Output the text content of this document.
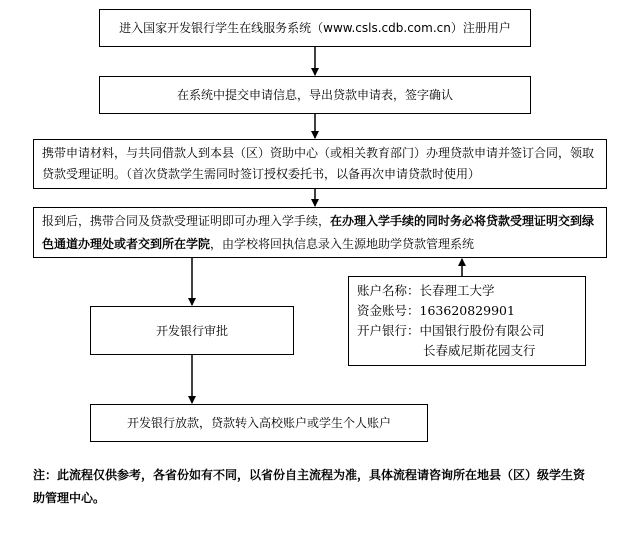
进入国家开发银行学生在线服务系统（www.csls.cdb.com.cn）注册用户
在系统中提交申请信息，导出贷款申请表，签字确认
携带申请材料，与共同借款人到本县（区）资助中心（或相关教育部门）办理贷款申请并签订合同，领取贷款受理证明。（首次贷款学生需同时签订授权委托书，以备再次申请贷款时使用）
报到后，携带合同及贷款受理证明即可办理入学手续，在办理入学手续的同时务必将贷款受理证明交到绿色通道办理处或者交到所在学院，由学校将回执信息录入生源地助学贷款管理系统
账户名称：长春理工大学
资金账号：163620829901
开户银行：中国银行股份有限公司
长春威尼斯花园支行
开发银行审批
开发银行放款，贷款转入高校账户或学生个人账户
注：此流程仅供参考，各省份如有不同，以省份自主流程为准，具体流程请咨询所在地县（区）级学生资助管理中心。
